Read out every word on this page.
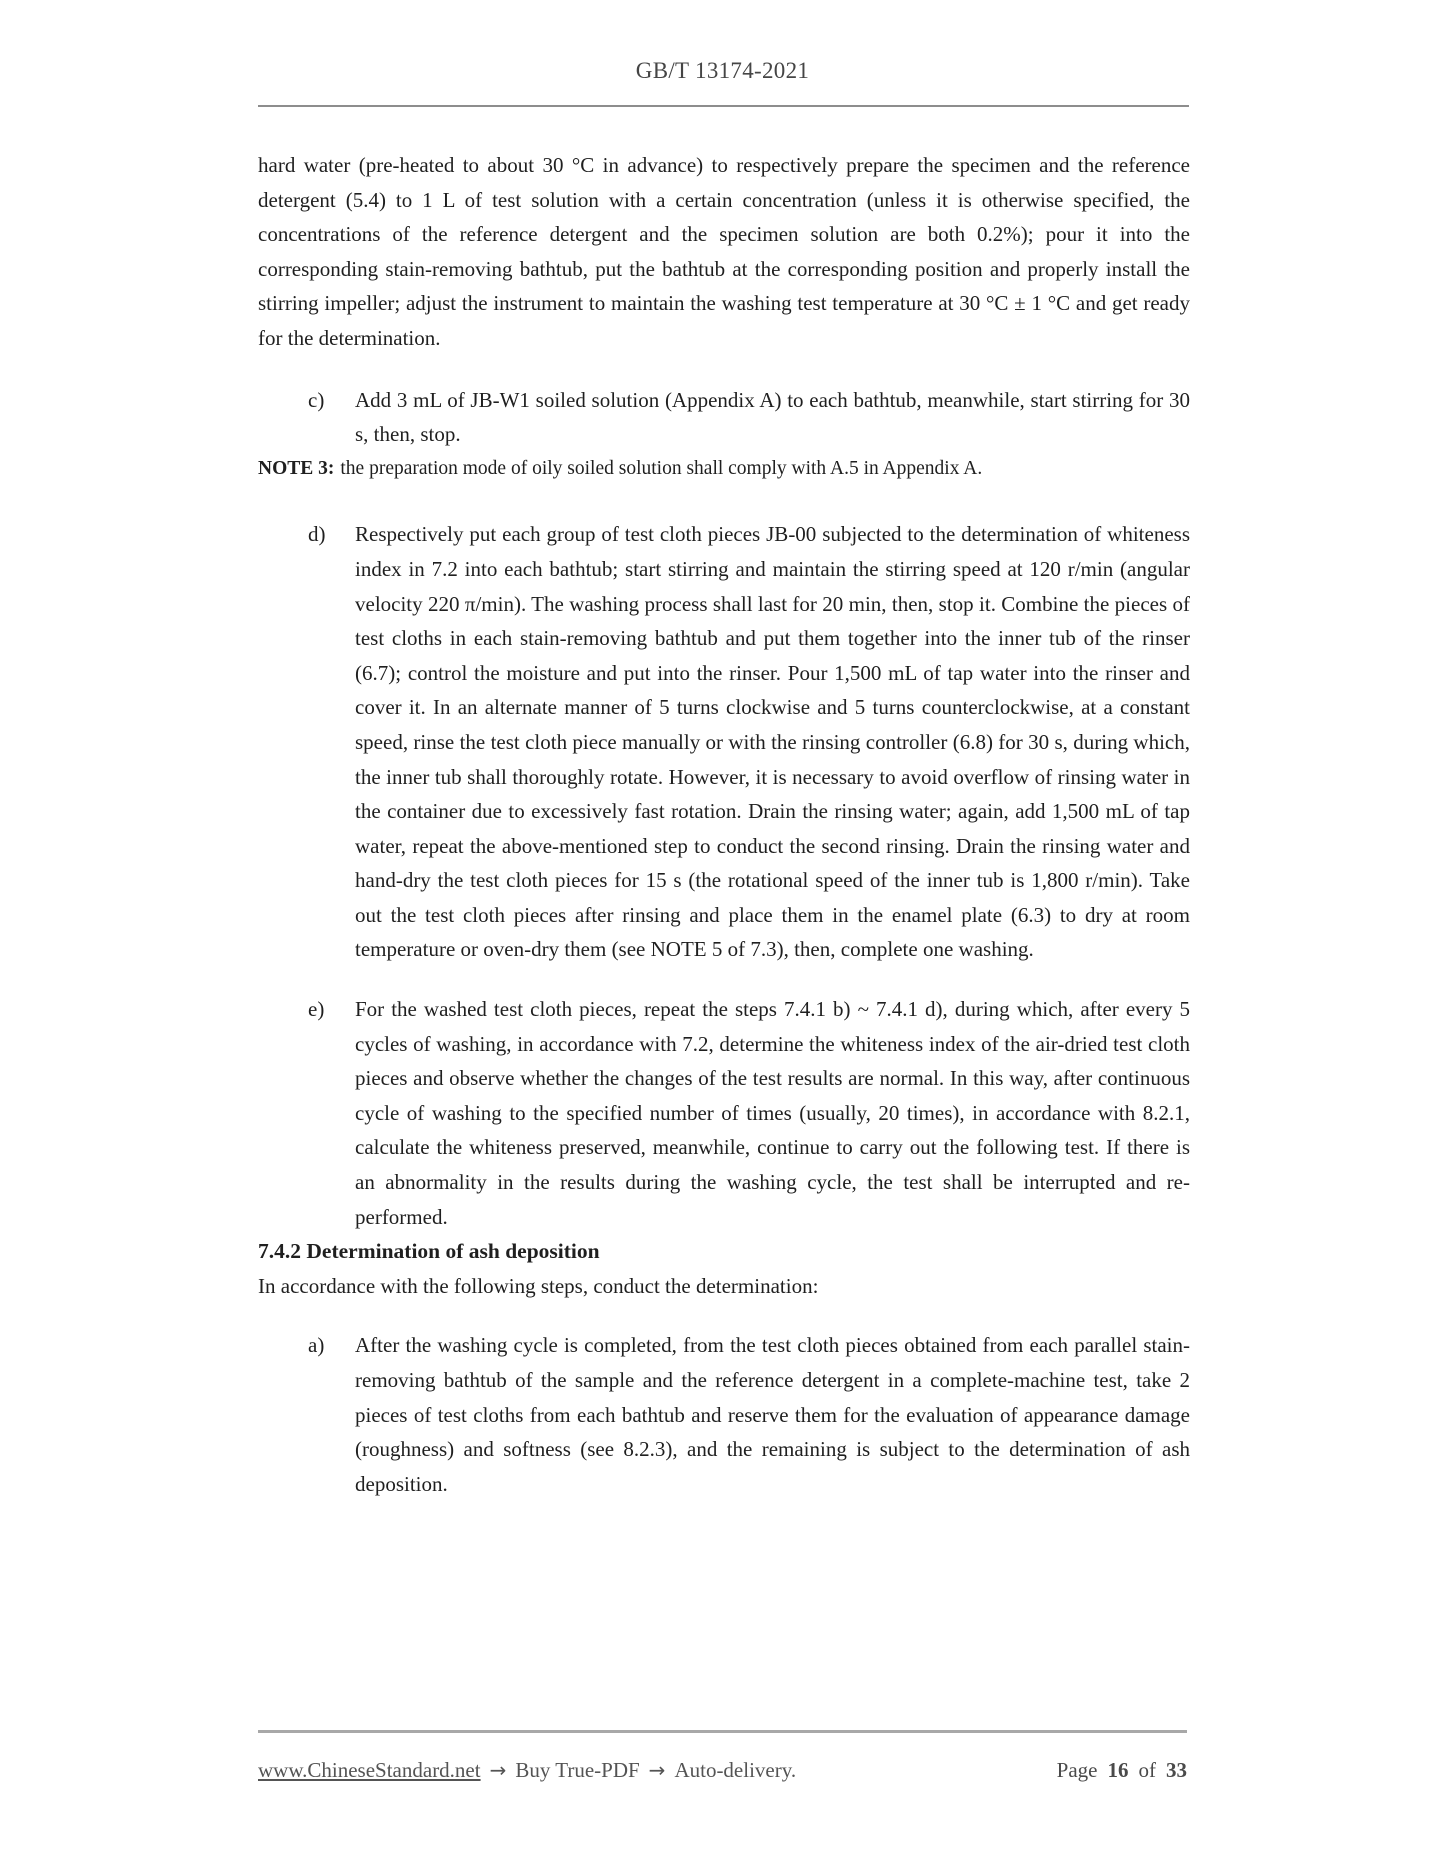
GB/T 13174-2021

hard water (pre-heated to about 30 °C in advance) to respectively prepare the specimen and the reference detergent (5.4) to 1 L of test solution with a certain concentration (unless it is otherwise specified, the concentrations of the reference detergent and the specimen solution are both 0.2%); pour it into the corresponding stain-removing bathtub, put the bathtub at the corresponding position and properly install the stirring impeller; adjust the instrument to maintain the washing test temperature at 30 °C ± 1 °C and get ready for the determination.

c)	Add 3 mL of JB-W1 soiled solution (Appendix A) to each bathtub, meanwhile, start stirring for 30 s, then, stop.

NOTE 3: the preparation mode of oily soiled solution shall comply with A.5 in Appendix A.

d)	Respectively put each group of test cloth pieces JB-00 subjected to the determination of whiteness index in 7.2 into each bathtub; start stirring and maintain the stirring speed at 120 r/min (angular velocity 220 π/min). The washing process shall last for 20 min, then, stop it. Combine the pieces of test cloths in each stain-removing bathtub and put them together into the inner tub of the rinser (6.7); control the moisture and put into the rinser. Pour 1,500 mL of tap water into the rinser and cover it. In an alternate manner of 5 turns clockwise and 5 turns counterclockwise, at a constant speed, rinse the test cloth piece manually or with the rinsing controller (6.8) for 30 s, during which, the inner tub shall thoroughly rotate. However, it is necessary to avoid overflow of rinsing water in the container due to excessively fast rotation. Drain the rinsing water; again, add 1,500 mL of tap water, repeat the above-mentioned step to conduct the second rinsing. Drain the rinsing water and hand-dry the test cloth pieces for 15 s (the rotational speed of the inner tub is 1,800 r/min). Take out the test cloth pieces after rinsing and place them in the enamel plate (6.3) to dry at room temperature or oven-dry them (see NOTE 5 of 7.3), then, complete one washing.
e)	For the washed test cloth pieces, repeat the steps 7.4.1 b) ~ 7.4.1 d), during which, after every 5 cycles of washing, in accordance with 7.2, determine the whiteness index of the air-dried test cloth pieces and observe whether the changes of the test results are normal. In this way, after continuous cycle of washing to the specified number of times (usually, 20 times), in accordance with 8.2.1, calculate the whiteness preserved, meanwhile, continue to carry out the following test. If there is an abnormality in the results during the washing cycle, the test shall be interrupted and re-performed.
7.4.2 Determination of ash deposition

In accordance with the following steps, conduct the determination:

a)	After the washing cycle is completed, from the test cloth pieces obtained from each parallel stain-removing bathtub of the sample and the reference detergent in a complete-machine test, take 2 pieces of test cloths from each bathtub and reserve them for the evaluation of appearance damage (roughness) and softness (see 8.2.3), and the remaining is subject to the determination of ash deposition.
www.ChineseStandard.net → Buy True-PDF → Auto-delivery.	Page 16 of 33
